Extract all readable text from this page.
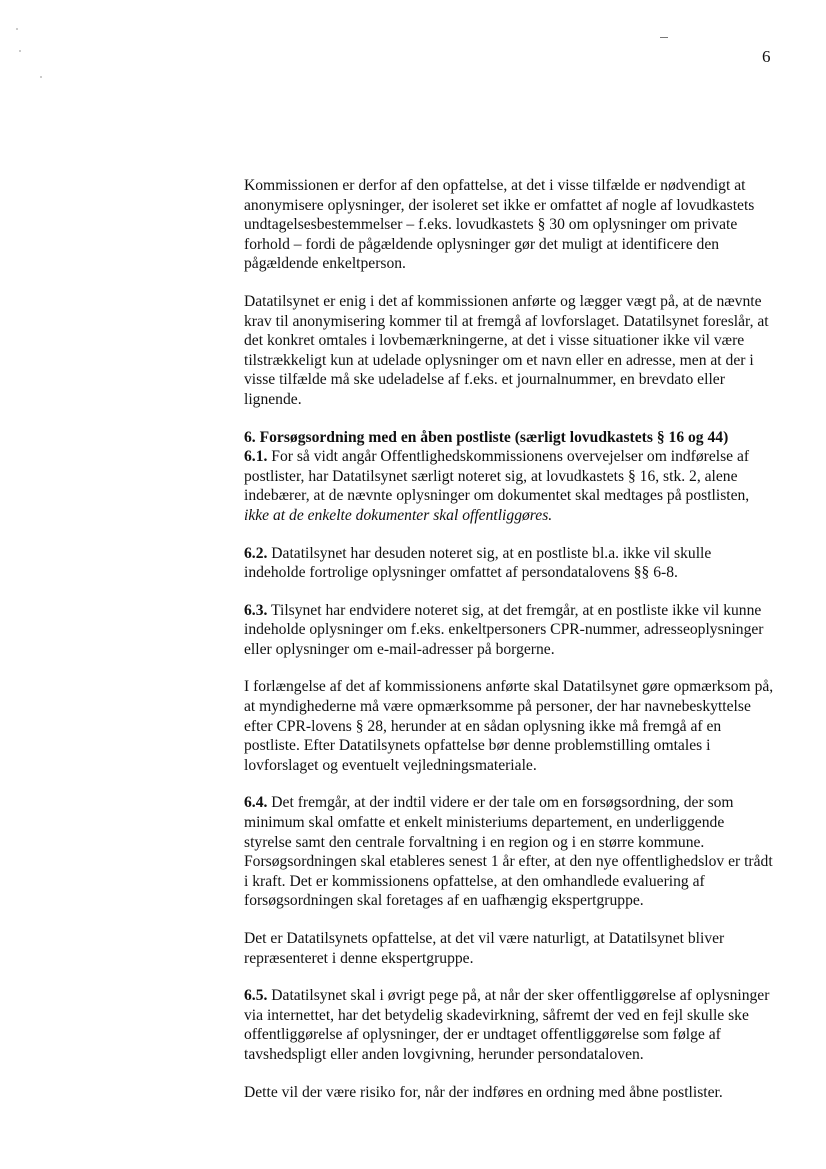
6

Kommissionen er derfor af den opfattelse, at det i visse tilfælde er nødvendigt at anonymisere oplysninger, der isoleret set ikke er omfattet af nogle af lovudkastets undtagelsesbestemmelser – f.eks. lovudkastets § 30 om oplysninger om private forhold – fordi de pågældende oplysninger gør det muligt at identificere den pågældende enkeltperson.

Datatilsynet er enig i det af kommissionen anførte og lægger vægt på, at de nævnte krav til anonymisering kommer til at fremgå af lovforslaget. Datatilsynet foreslår, at det konkret omtales i lovbemærkningerne, at det i visse situationer ikke vil være tilstrækkeligt kun at udelade oplysninger om et navn eller en adresse, men at der i visse tilfælde må ske udeladelse af f.eks. et journalnummer, en brevdato eller lignende.

6. Forsøgsordning med en åben postliste (særligt lovudkastets § 16 og 44)
6.1. For så vidt angår Offentlighedskommissionens overvejelser om indførelse af postlister, har Datatilsynet særligt noteret sig, at lovudkastets § 16, stk. 2, alene indebærer, at de nævnte oplysninger om dokumentet skal medtages på postlisten, ikke at de enkelte dokumenter skal offentliggøres.

6.2. Datatilsynet har desuden noteret sig, at en postliste bl.a. ikke vil skulle indeholde fortrolige oplysninger omfattet af persondatalovens §§ 6-8.

6.3. Tilsynet har endvidere noteret sig, at det fremgår, at en postliste ikke vil kunne indeholde oplysninger om f.eks. enkeltpersoners CPR-nummer, adresseoplysninger eller oplysninger om e-mail-adresser på borgerne.

I forlængelse af det af kommissionens anførte skal Datatilsynet gøre opmærksom på, at myndighederne må være opmærksomme på personer, der har navnebeskyttelse efter CPR-lovens § 28, herunder at en sådan oplysning ikke må fremgå af en postliste. Efter Datatilsynets opfattelse bør denne problemstilling omtales i lovforslaget og eventuelt vejledningsmateriale.

6.4. Det fremgår, at der indtil videre er der tale om en forsøgsordning, der som minimum skal omfatte et enkelt ministeriums departement, en underliggende styrelse samt den centrale forvaltning i en region og i en større kommune. Forsøgsordningen skal etableres senest 1 år efter, at den nye offentlighedslov er trådt i kraft. Det er kommissionens opfattelse, at den omhandlede evaluering af forsøgsordningen skal foretages af en uafhængig ekspertgruppe.

Det er Datatilsynets opfattelse, at det vil være naturligt, at Datatilsynet bliver repræsenteret i denne ekspertgruppe.

6.5. Datatilsynet skal i øvrigt pege på, at når der sker offentliggørelse af oplysninger via internettet, har det betydelig skadevirkning, såfremt der ved en fejl skulle ske offentliggørelse af oplysninger, der er undtaget offentliggørelse som følge af tavshedspligt eller anden lovgivning, herunder persondataloven.

Dette vil der være risiko for, når der indføres en ordning med åbne postlister.
